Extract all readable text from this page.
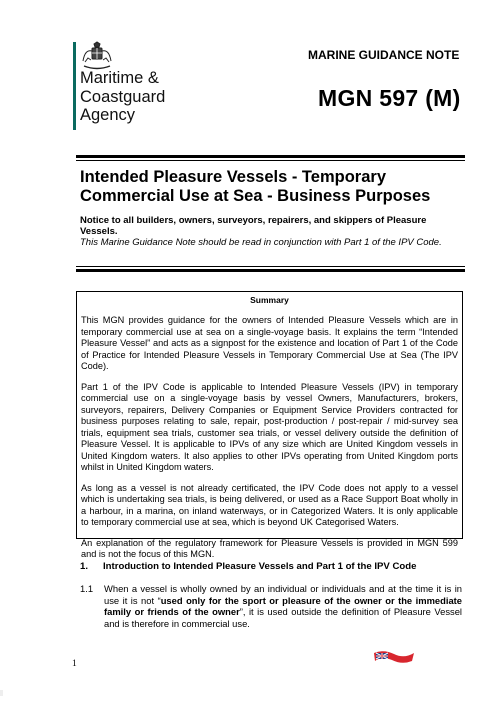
Maritime &
Coastguard
Agency
MARINE GUIDANCE NOTE
MGN 597 (M)
Intended Pleasure Vessels - Temporary Commercial Use at Sea - Business Purposes
Notice to all builders, owners, surveyors, repairers, and skippers of Pleasure Vessels.
This Marine Guidance Note should be read in conjunction with Part 1 of the IPV Code.
Summary

This MGN provides guidance for the owners of Intended Pleasure Vessels which are in temporary commercial use at sea on a single-voyage basis. It explains the term “Intended Pleasure Vessel” and acts as a signpost for the existence and location of Part 1 of the Code of Practice for Intended Pleasure Vessels in Temporary Commercial Use at Sea (The IPV Code).

Part 1 of the IPV Code is applicable to Intended Pleasure Vessels (IPV) in temporary commercial use on a single-voyage basis by vessel Owners, Manufacturers, brokers, surveyors, repairers, Delivery Companies or Equipment Service Providers contracted for business purposes relating to sale, repair, post-production / post-repair / mid-survey sea trials, equipment sea trials, customer sea trials, or vessel delivery outside the definition of Pleasure Vessel. It is applicable to IPVs of any size which are United Kingdom vessels in United Kingdom waters. It also applies to other IPVs operating from United Kingdom ports whilst in United Kingdom waters.

As long as a vessel is not already certificated, the IPV Code does not apply to a vessel which is undertaking sea trials, is being delivered, or used as a Race Support Boat wholly in a harbour, in a marina, on inland waterways, or in Categorized Waters. It is only applicable to temporary commercial use at sea, which is beyond UK Categorised Waters.

An explanation of the regulatory framework for Pleasure Vessels is provided in MGN 599 and is not the focus of this MGN.

1. Introduction to Intended Pleasure Vessels and Part 1 of the IPV Code
1.1 When a vessel is wholly owned by an individual or individuals and at the time it is in use it is not “used only for the sport or pleasure of the owner or the immediate family or friends of the owner”, it is used outside the definition of Pleasure Vessel and is therefore in commercial use.
1
